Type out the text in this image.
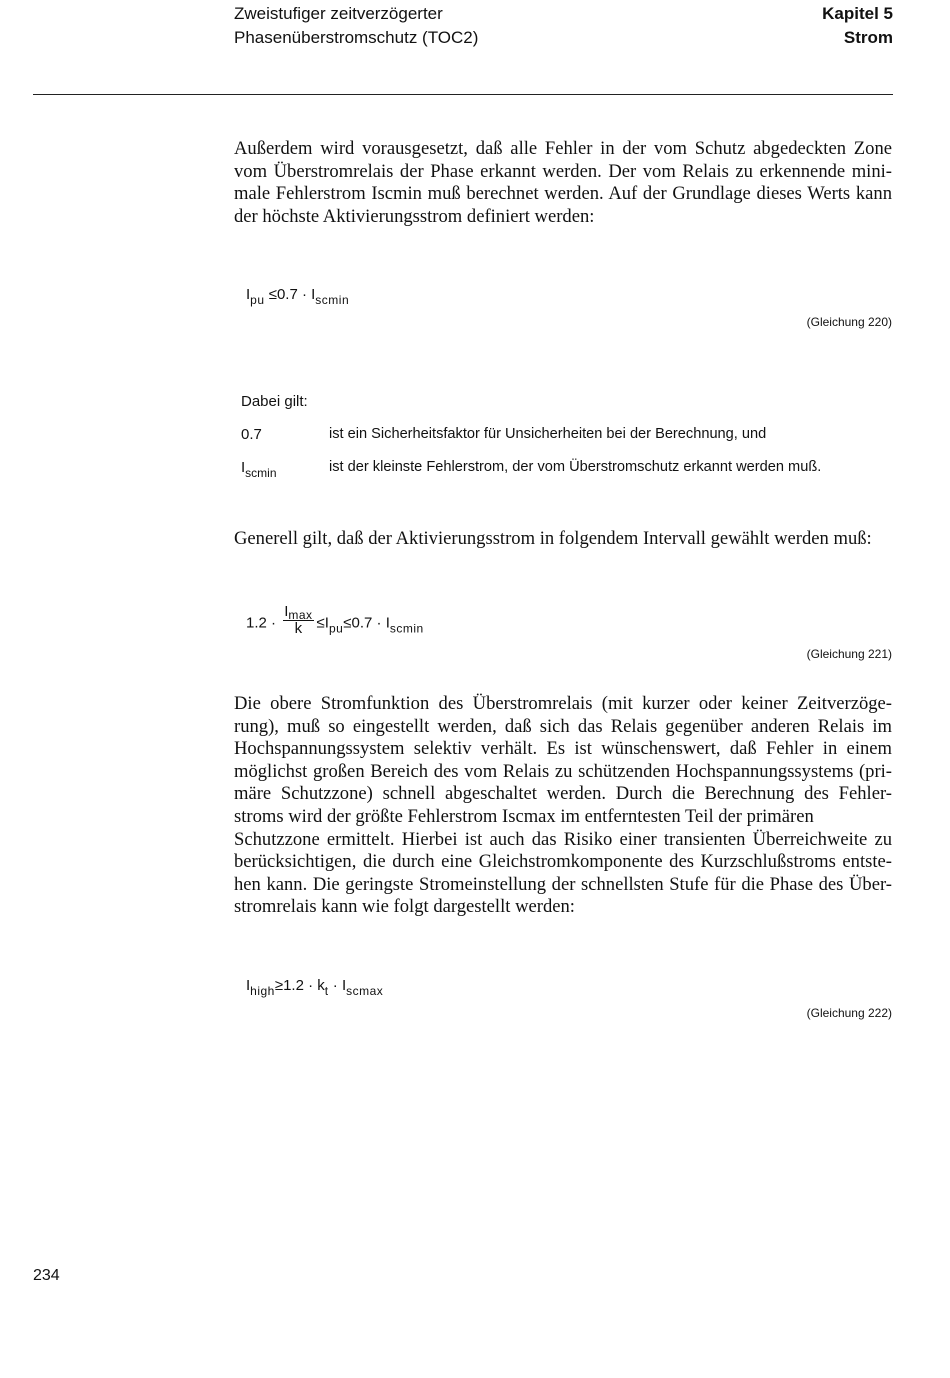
Zweistufiger zeitverzögerter
Phasenüberstromschutz (TOC2)
Kapitel 5
Strom
Außerdem wird vorausgesetzt, daß alle Fehler in der vom Schutz abgedeckten Zone
vom Überstromrelais der Phase erkannt werden. Der vom Relais zu erkennende mini-
male Fehlerstrom Iscmin muß berechnet werden. Auf der Grundlage dieses Werts kann
der höchste Aktivierungsstrom definiert werden:
$I_{pu} \le 0.7 \cdot I_{scmin}$
(Gleichung 220)
Dabei gilt:
0.7	ist ein Sicherheitsfaktor für Unsicherheiten bei der Berechnung, und
$I_{scmin}$	ist der kleinste Fehlerstrom, der vom Überstromschutz erkannt werden muß.
Generell gilt, daß der Aktivierungsstrom in folgendem Intervall gewählt werden muß:
$1.2 \cdot \frac{I_{max}}{k} \le I_{pu}\le 0.7 \cdot I_{scmin}$
(Gleichung 221)
Die obere Stromfunktion des Überstromrelais (mit kurzer oder keiner Zeitverzöge-
rung), muß so eingestellt werden, daß sich das Relais gegenüber anderen Relais im
Hochspannungssystem selektiv verhält. Es ist wünschenswert, daß Fehler in einem
möglichst großen Bereich des vom Relais zu schützenden Hochspannungssystems (pri-
märe Schutzzone) schnell abgeschaltet werden. Durch die Berechnung des Fehler-
stroms wird der größte Fehlerstrom Iscmax im entferntesten Teil der primären
Schutzzone ermittelt. Hierbei ist auch das Risiko einer transienten Überreichweite zu
berücksichtigen, die durch eine Gleichstromkomponente des Kurzschlußstroms entste-
hen kann. Die geringste Stromeinstellung der schnellsten Stufe für die Phase des Über-
stromrelais kann wie folgt dargestellt werden:
$I_{high}\ge 1.2 \cdot k_t \cdot I_{scmax}$
(Gleichung 222)
234
